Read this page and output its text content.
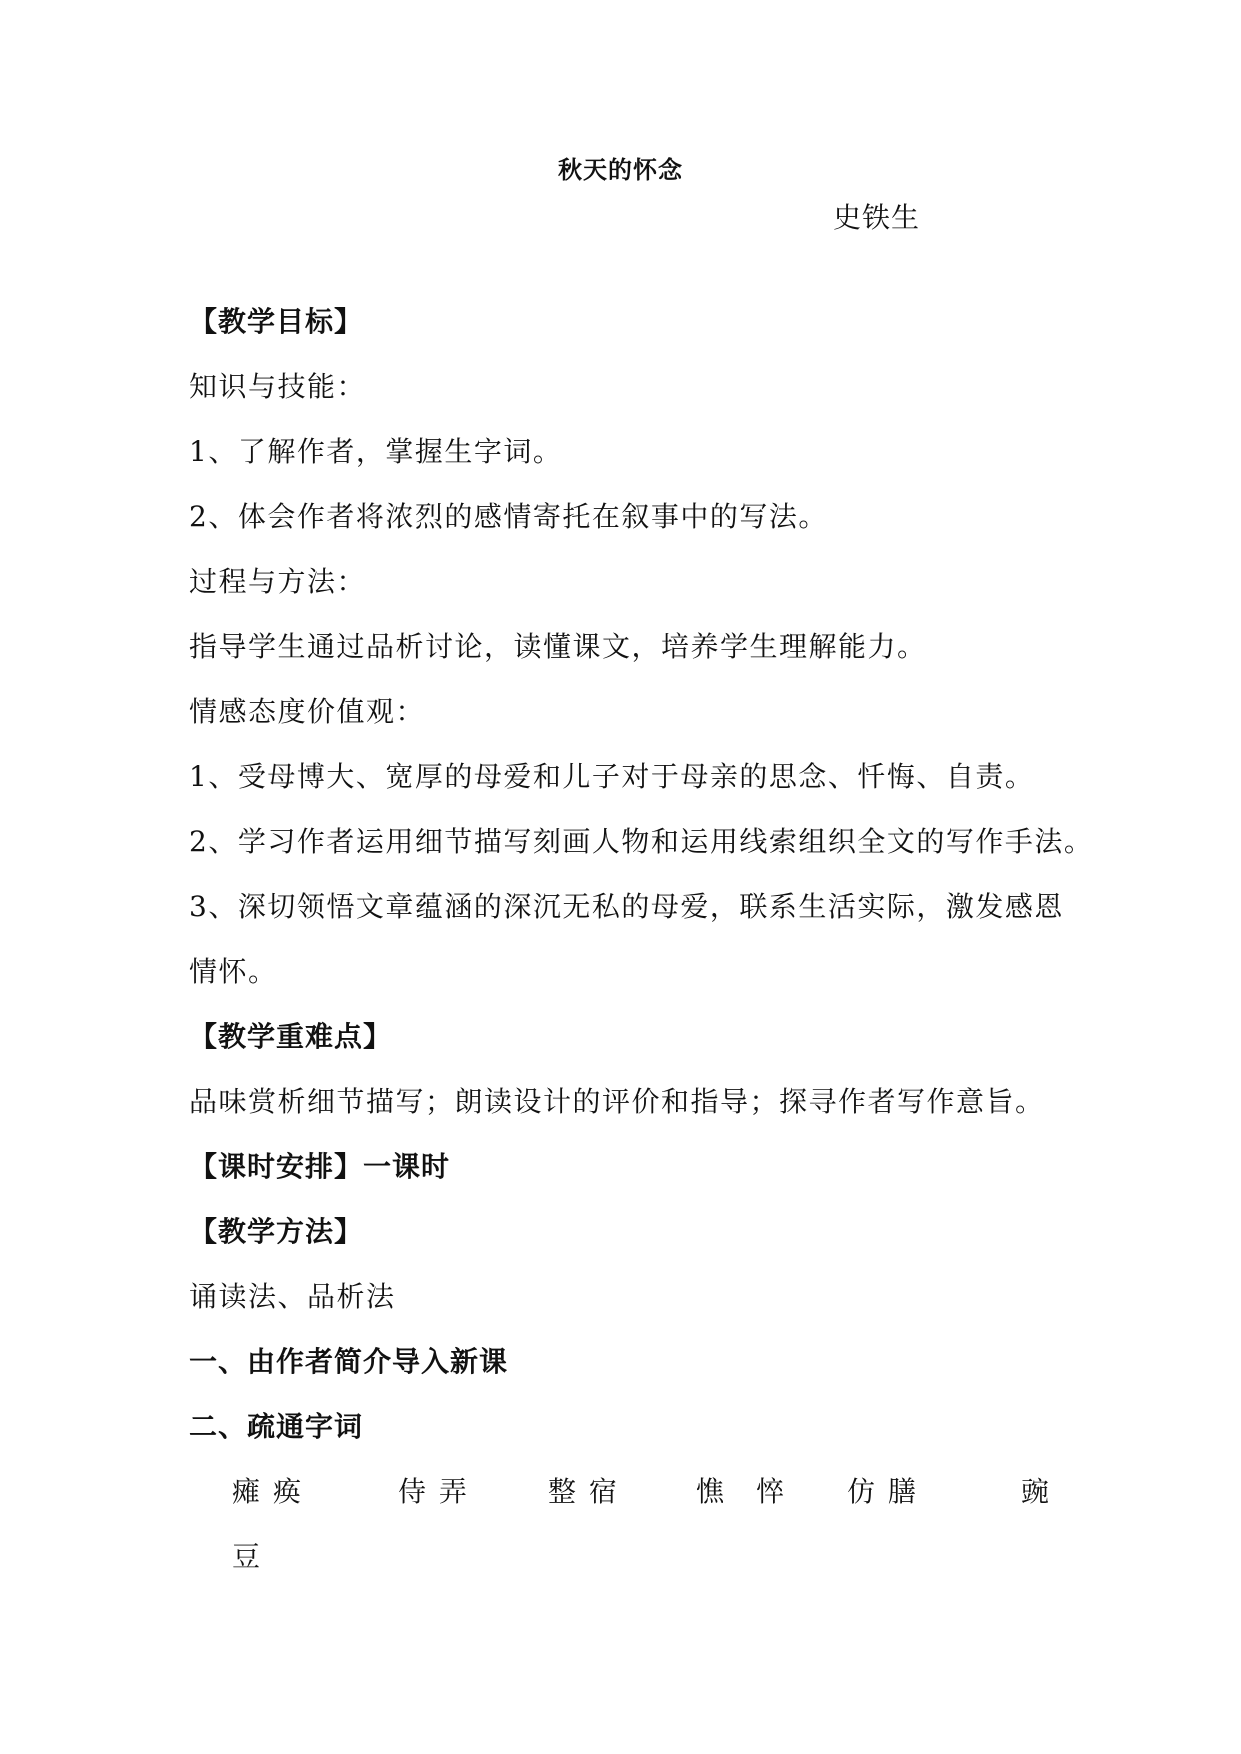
秋天的怀念
史铁生
【教学目标】
知识与技能：
1、了解作者，掌握生字词。
2、体会作者将浓烈的感情寄托在叙事中的写法。
过程与方法：
指导学生通过品析讨论，读懂课文，培养学生理解能力。
情感态度价值观：
1、受母博大、宽厚的母爱和儿子对于母亲的思念、忏悔、自责。
2、学习作者运用细节描写刻画人物和运用线索组织全文的写作手法。
3、深切领悟文章蕴涵的深沉无私的母爱，联系生活实际，激发感恩
情怀。
【教学重难点】
品味赏析细节描写；朗读设计的评价和指导；探寻作者写作意旨。
【课时安排】一课时
【教学方法】
诵读法、品析法
一、由作者简介导入新课
二、疏通字词
瘫 痪	侍 弄	整 宿	憔　悴 仿 膳	豌
豆
